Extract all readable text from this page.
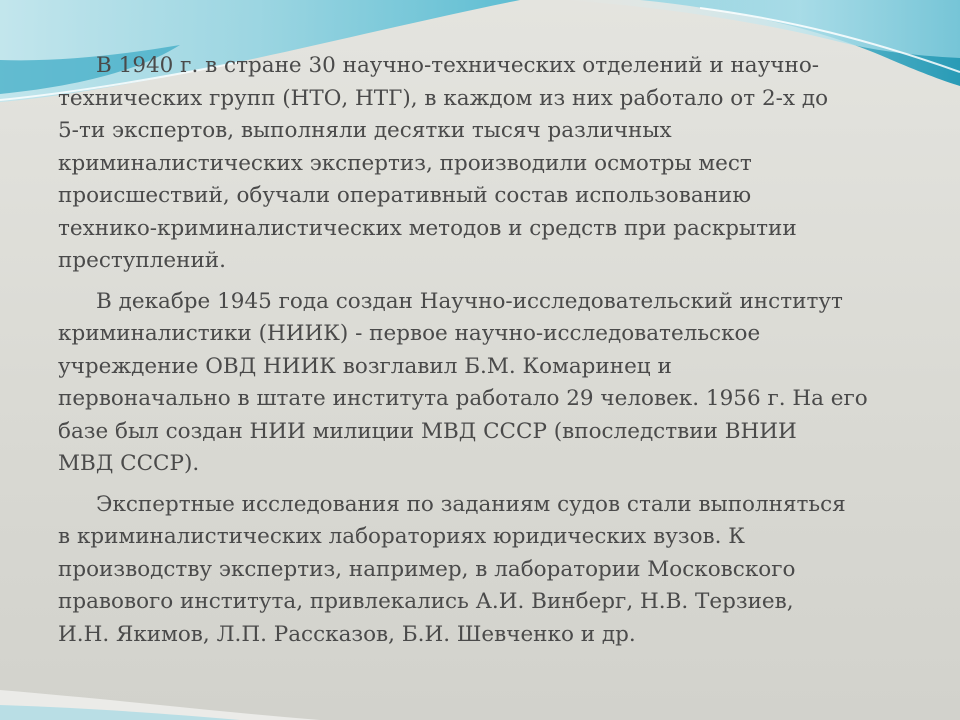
В 1940 г. в стране 30 научно-технических отделений и научно-
технических групп (НТО, НТГ), в каждом из них работало от 2-х до
5-ти экспертов, выполняли десятки тысяч различных
криминалистических экспертиз, производили осмотры мест
происшествий, обучали оперативный состав использованию
технико-криминалистических методов и средств при раскрытии
преступлений.

В декабре 1945 года создан Научно-исследовательский институт
криминалистики (НИИК) - первое научно-исследовательское
учреждение ОВД НИИК возглавил Б.М. Комаринец и
первоначально в штате института работало 29 человек. 1956 г. На его
базе был создан НИИ милиции МВД СССР (впоследствии ВНИИ
МВД СССР).

Экспертные исследования по заданиям судов стали выполняться
в криминалистических лабораториях юридических вузов. К
производству экспертиз, например, в лаборатории Московского
правового института, привлекались А.И. Винберг, Н.В. Терзиев,
И.Н. Якимов, Л.П. Рассказов, Б.И. Шевченко и др.
